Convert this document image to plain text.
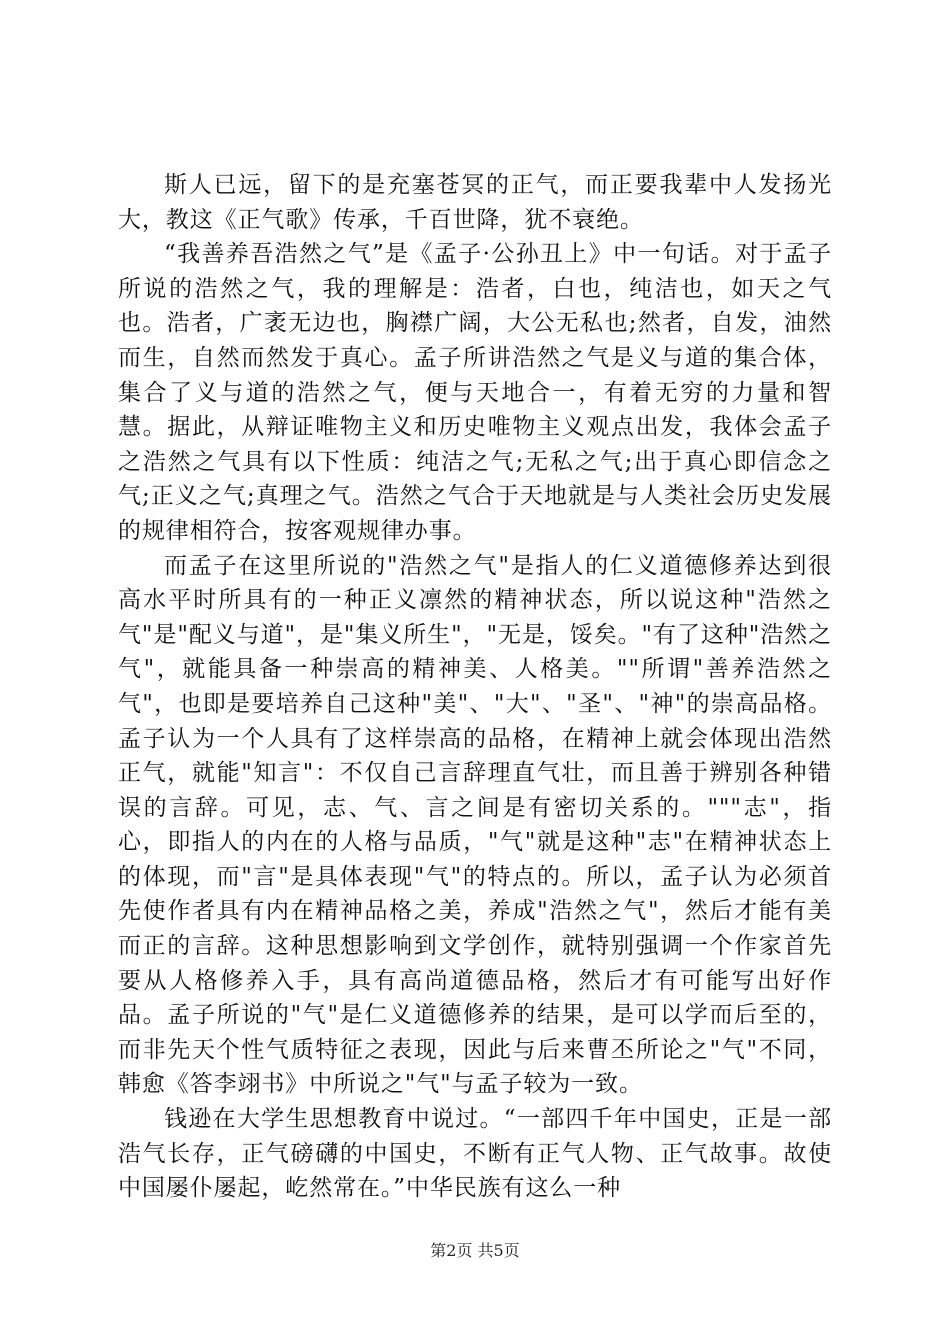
斯人已远，留下的是充塞苍冥的正气，而正要我辈中人发扬光大，教这《正气歌》传承，千百世降，犹不衰绝。

“我善养吾浩然之气”是《孟子·公孙丑上》中一句话。对于孟子所说的浩然之气，我的理解是：浩者，白也，纯洁也，如天之气也。浩者，广袤无边也，胸襟广阔，大公无私也;然者，自发，油然而生，自然而然发于真心。孟子所讲浩然之气是义与道的集合体，集合了义与道的浩然之气，便与天地合一，有着无穷的力量和智慧。据此，从辩证唯物主义和历史唯物主义观点出发，我体会孟子之浩然之气具有以下性质：纯洁之气;无私之气;出于真心即信念之气;正义之气;真理之气。浩然之气合于天地就是与人类社会历史发展的规律相符合，按客观规律办事。

而孟子在这里所说的"浩然之气"是指人的仁义道德修养达到很高水平时所具有的一种正义凛然的精神状态，所以说这种"浩然之气"是"配义与道"，是"集义所生"，"无是，馁矣。"有了这种"浩然之气"，就能具备一种崇高的精神美、人格美。""所谓"善养浩然之气"，也即是要培养自己这种"美"、"大"、"圣"、"神"的崇高品格。孟子认为一个人具有了这样崇高的品格，在精神上就会体现出浩然正气，就能"知言"：不仅自己言辞理直气壮，而且善于辨别各种错误的言辞。可见，志、气、言之间是有密切关系的。"""志"，指心，即指人的内在的人格与品质，"气"就是这种"志"在精神状态上的体现，而"言"是具体表现"气"的特点的。所以，孟子认为必须首先使作者具有内在精神品格之美，养成"浩然之气"，然后才能有美而正的言辞。这种思想影响到文学创作，就特别强调一个作家首先要从人格修养入手，具有高尚道德品格，然后才有可能写出好作品。孟子所说的"气"是仁义道德修养的结果，是可以学而后至的，而非先天个性气质特征之表现，因此与后来曹丕所论之"气"不同，韩愈《答李翊书》中所说之"气"与孟子较为一致。

钱逊在大学生思想教育中说过。“一部四千年中国史，正是一部浩气长存，正气磅礴的中国史，不断有正气人物、正气故事。故使中国屡仆屡起，屹然常在。”中华民族有这么一种

第2页 共5页
